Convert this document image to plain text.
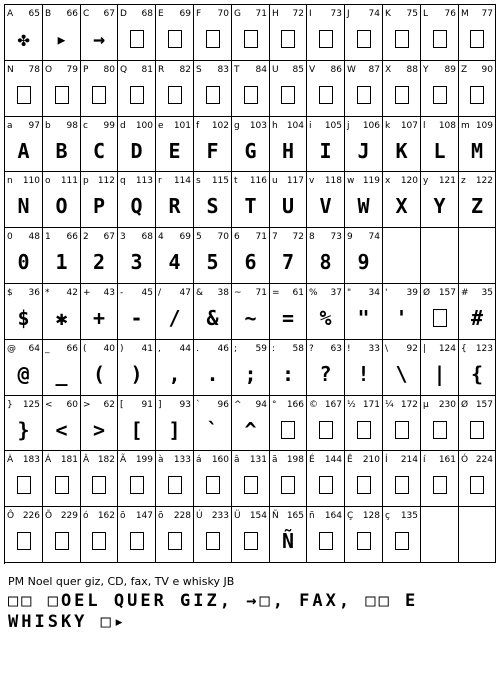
A 65
✤
B 66
▸
C 67
→
D 68 E 69 F 70 G 71 H 72 I 73 J 74 K 75 L 76 M 77
N 78 O 79 P 80 Q 81 R 82 S 83 T 84 U 85 V 86 W 87 X 88 Y 89 Z 90
a 97
A
b 98
B
c 99
C
d 100
D
e 101
E
f 102
F
g 103
G
h 104
H
i 105
I
j 106
J
k 107
K
l 108
L
m 109
M
n 110
N
o 111
O
p 112
P
q 113
Q
r 114
R
s 115
S
t 116
T
u 117
U
v 118
V
w 119
W
x 120
X
y 121
Y
z 122
Z
0 48
0
1 66
1
2 67
2
3 68
3
4 69
4
5 70
5
6 71
6
7 72
7
8 73
8
9 74
9
$ 36
$
* 42
✱
+ 43
+
- 45
-
/ 47
/
& 38
&
~ 71
~
= 61
=
% 37
%
" 34
"
' 39
'
Ø 157 # 35
#
@ 64
@
_ 66
_
( 40
(
) 41
)
, 44
,
. 46
.
; 59
;
: 58
:
? 63
?
! 33
!
\ 92
\
| 124
|
{ 123
{
} 125
}
< 60
<
> 62
>
[ 91
[
] 93
]
` 96
`
^ 94
^
° 166 © 167 ½ 171 ¼ 172 µ 230 Ø 157
À 183 Á 181 Â 182 Ã 199 à 133 á 160 â 131 ã 198 É 144 Ê 210 Í 214 í 161 Ó 224
Ô 226 Õ 229 ó 162 õ 147 õ 228 Ú 233 Ü 154 Ñ 165
Ñ
ñ 164 Ç 128 ç 135
PM Noel quer giz, CD, fax, TV e whisky JB
□□ □OEL QUER GIZ, →□, FAX, □□ E
WHISKY □▸
